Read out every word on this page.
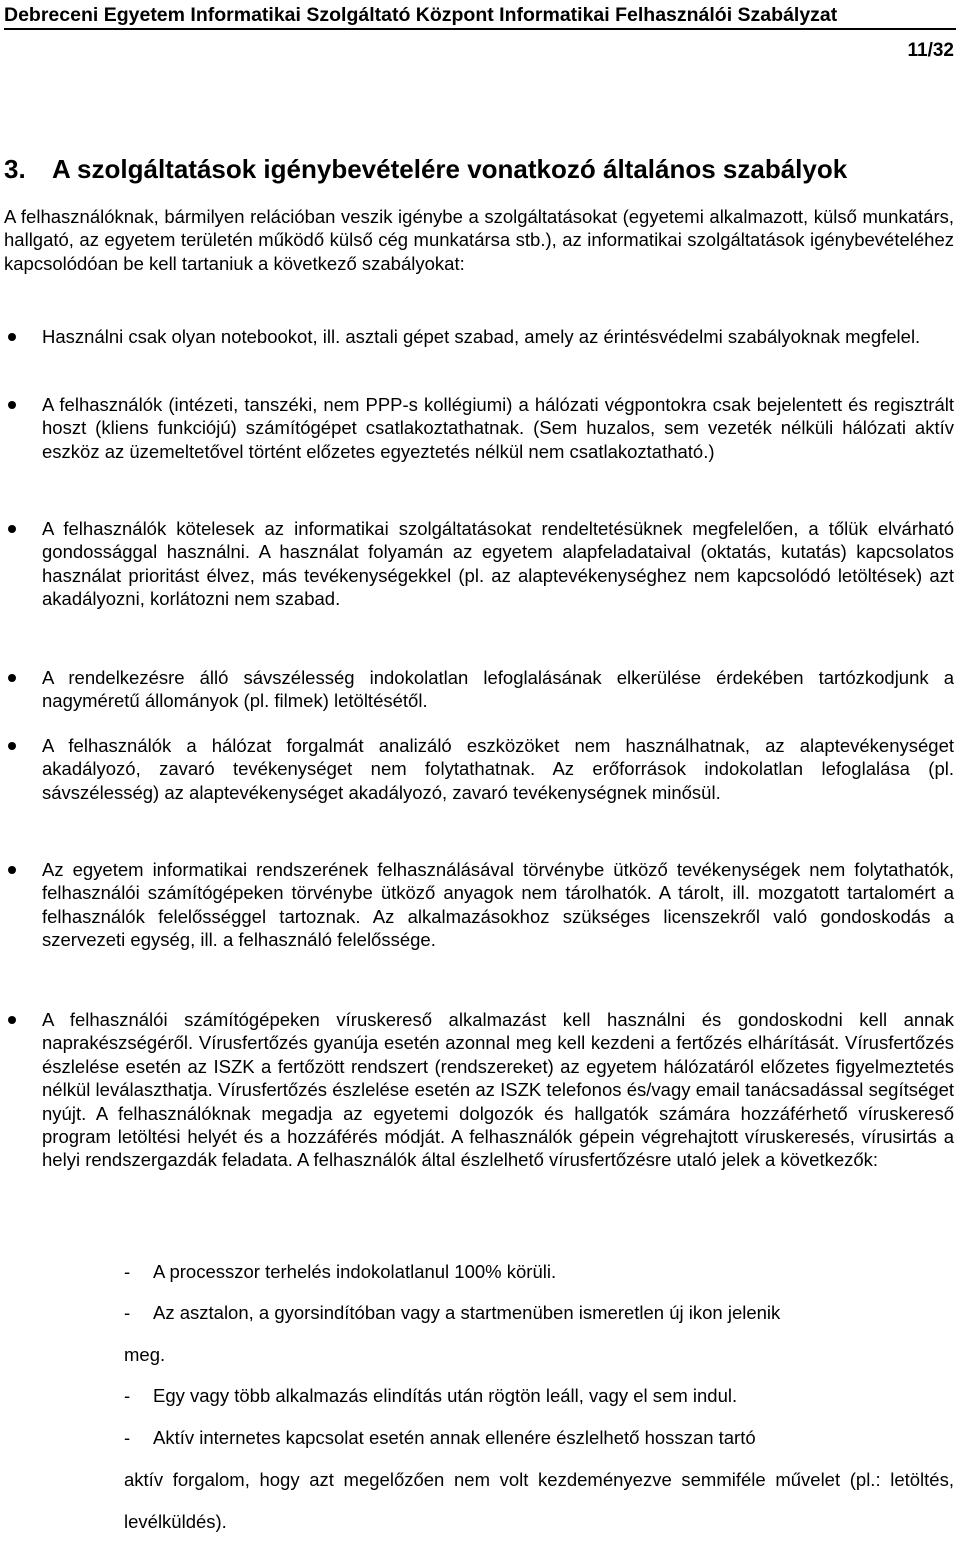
Debreceni Egyetem Informatikai Szolgáltató Központ Informatikai Felhasználói Szabályzat
11/32
3. A szolgáltatások igénybevételére vonatkozó általános szabályok
A felhasználóknak, bármilyen relációban veszik igénybe a szolgáltatásokat (egyetemi alkalmazott, külső munkatárs, hallgató, az egyetem területén működő külső cég munkatársa stb.), az informatikai szolgáltatások igénybevételéhez kapcsolódóan be kell tartaniuk a következő szabályokat:
Használni csak olyan notebookot, ill. asztali gépet szabad, amely az érintésvédelmi szabályoknak megfelel.
A felhasználók (intézeti, tanszéki, nem PPP-s kollégiumi) a hálózati végpontokra csak bejelentett és regisztrált hoszt (kliens funkciójú) számítógépet csatlakoztathatnak. (Sem huzalos, sem vezeték nélküli hálózati aktív eszköz az üzemeltetővel történt előzetes egyeztetés nélkül nem csatlakoztatható.)
A felhasználók kötelesek az informatikai szolgáltatásokat rendeltetésüknek megfelelően, a tőlük elvárható gondossággal használni. A használat folyamán az egyetem alapfeladataival (oktatás, kutatás) kapcsolatos használat prioritást élvez, más tevékenységekkel (pl. az alaptevékenységhez nem kapcsolódó letöltések) azt akadályozni, korlátozni nem szabad.
A rendelkezésre álló sávszélesség indokolatlan lefoglalásának elkerülése érdekében tartózkodjunk a nagyméretű állományok (pl. filmek) letöltésétől.
A felhasználók a hálózat forgalmát analizáló eszközöket nem használhatnak, az alaptevékenységet akadályozó, zavaró tevékenységet nem folytathatnak. Az erőforrások indokolatlan lefoglalása (pl. sávszélesség) az alaptevékenységet akadályozó, zavaró tevékenységnek minősül.
Az egyetem informatikai rendszerének felhasználásával törvénybe ütköző tevékenységek nem folytathatók, felhasználói számítógépeken törvénybe ütköző anyagok nem tárolhatók. A tárolt, ill. mozgatott tartalomért a felhasználók felelősséggel tartoznak. Az alkalmazásokhoz szükséges licenszekről való gondoskodás a szervezeti egység, ill. a felhasználó felelőssége.
A felhasználói számítógépeken víruskereső alkalmazást kell használni és gondoskodni kell annak naprakészségéről. Vírusfertőzés gyanúja esetén azonnal meg kell kezdeni a fertőzés elhárítását. Vírusfertőzés észlelése esetén az ISZK a fertőzött rendszert (rendszereket) az egyetem hálózatáról előzetes figyelmeztetés nélkül leválaszthatja. Vírusfertőzés észlelése esetén az ISZK telefonos és/vagy email tanácsadással segítséget nyújt. A felhasználóknak megadja az egyetemi dolgozók és hallgatók számára hozzáférhető víruskereső program letöltési helyét és a hozzáférés módját. A felhasználók gépein végrehajtott víruskeresés, vírusirtás a helyi rendszergazdák feladata. A felhasználók által észlelhető vírusfertőzésre utaló jelek a következők:
- A processzor terhelés indokolatlanul 100% körüli.
- Az asztalon, a gyorsindítóban vagy a startmenüben ismeretlen új ikon jelenik
meg.
- Egy vagy több alkalmazás elindítás után rögtön leáll, vagy el sem indul.
- Aktív internetes kapcsolat esetén annak ellenére észlelhető hosszan tartó
aktív forgalom, hogy azt megelőzően nem volt kezdeményezve semmiféle művelet (pl.: letöltés, levélküldés).
